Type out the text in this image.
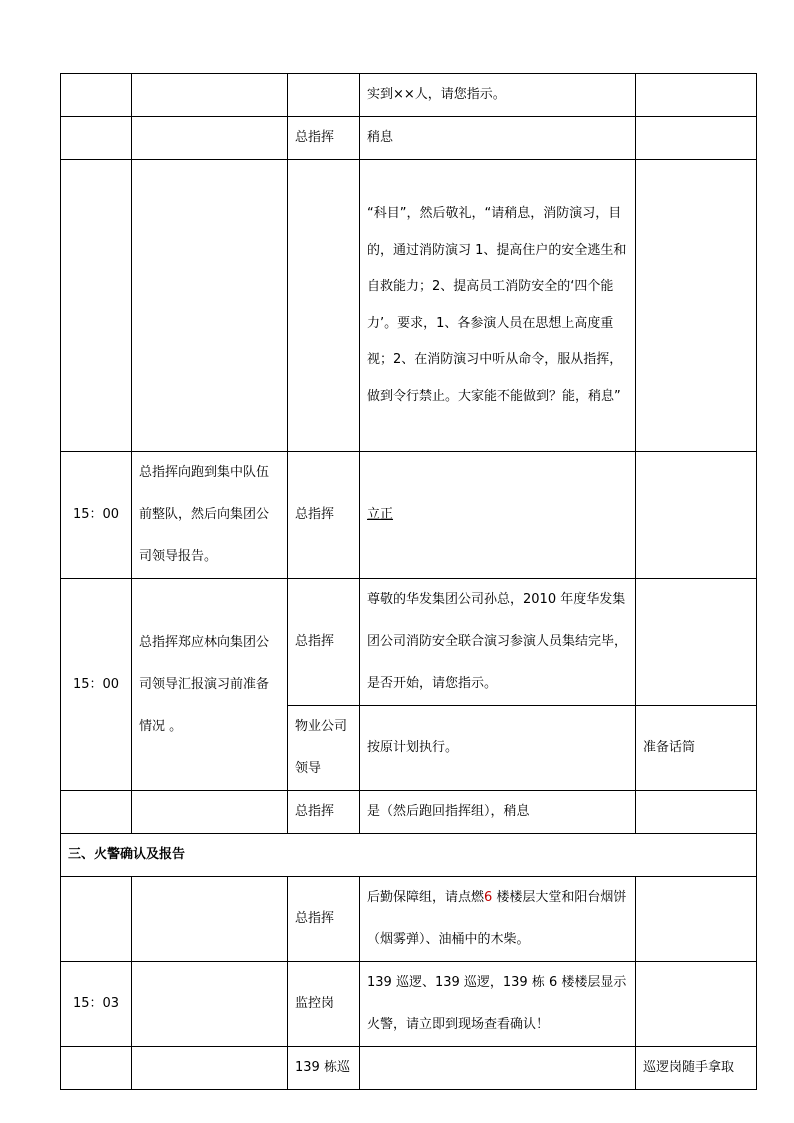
			实到××人，请您指示。	
		总指挥	稍息	
			“科目”，然后敬礼，“请稍息，消防演习，目的，通过消防演习 1、提高住户的安全逃生和自救能力；2、提高员工消防安全的‘四个能力’。要求，1、各参演人员在思想上高度重视；2、在消防演习中听从命令，服从指挥，做到令行禁止。大家能不能做到？能，稍息”	
15：00	总指挥向跑到集中队伍前整队，然后向集团公司领导报告。	总指挥	立正	
15：00	总指挥郑应林向集团公司领导汇报演习前准备情况 。	总指挥	尊敬的华发集团公司孙总，2010 年度华发集团公司消防安全联合演习参演人员集结完毕，是否开始，请您指示。	
		物业公司领导	按原计划执行。	准备话筒
		总指挥	是（然后跑回指挥组），稍息	
三、火警确认及报告				
		总指挥	后勤保障组，请点燃6 楼楼层大堂和阳台烟饼（烟雾弹）、油桶中的木柴。	
15：03		监控岗	139 巡逻、139 巡逻，139 栋 6 楼楼层显示火警，请立即到现场查看确认！	
		139 栋巡		巡逻岗随手拿取
